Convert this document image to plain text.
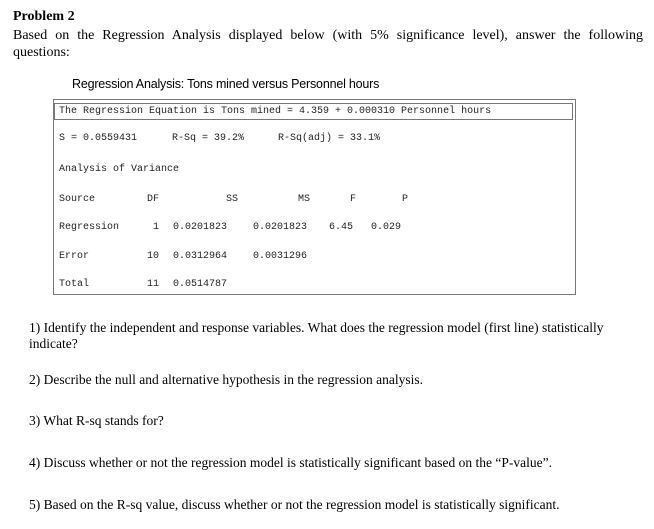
Problem 2
Based on the Regression Analysis displayed below (with 5% significance level), answer the following questions:
Regression Analysis: Tons mined versus Personnel hours
The Regression Equation is Tons mined = 4.359 + 0.000310 Personnel hours
S = 0.0559431	R-Sq = 39.2%	R-Sq(adj) = 33.1%
Analysis of Variance
Source	DF	SS	MS	F	P
Regression	1 0.0201823	0.0201823 6.45 0.029
Error	10 0.0312964	0.0031296
Total	11 0.0514787
1) Identify the independent and response variables. What does the regression model (first line) statistically indicate?
2) Describe the null and alternative hypothesis in the regression analysis.
3) What R-sq stands for?
4) Discuss whether or not the regression model is statistically significant based on the “P-value”.
5) Based on the R-sq value, discuss whether or not the regression model is statistically significant.
